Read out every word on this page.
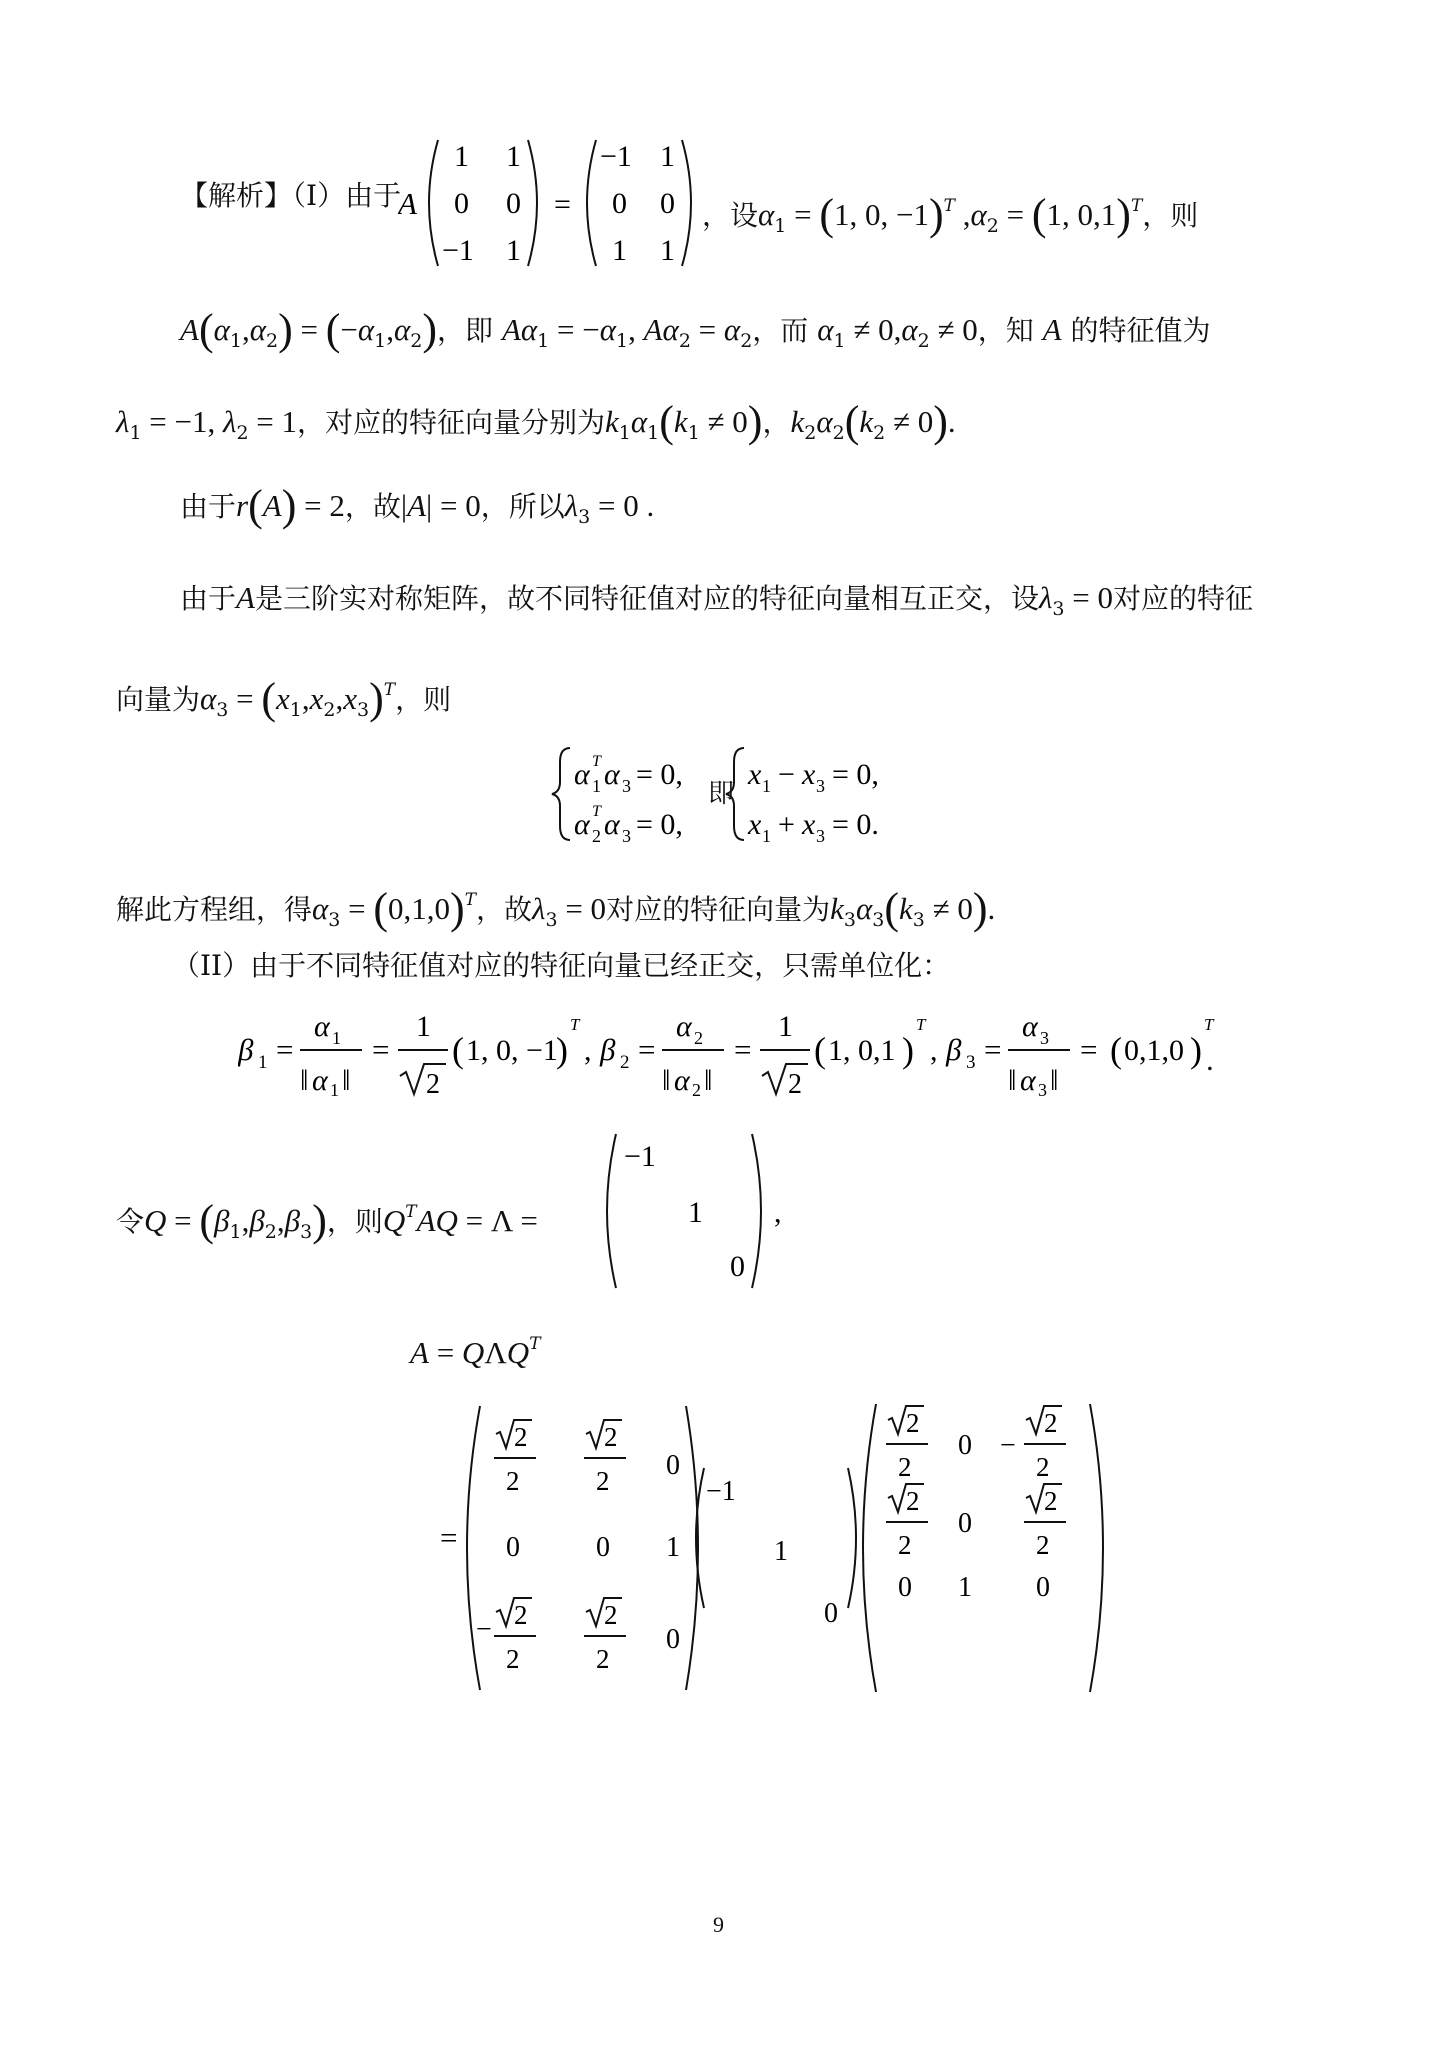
【解析】（I）由于
A
1 1
0 0
−1 1
=
−1 1
0 0
1 1
，设$\alpha_1 = (1$, 0, −1)$^T$ $,\alpha_2 = (1$, 0,1)$^T$，则
$A(\alpha_1,\alpha_2) = (-\alpha_1,\alpha_2)$，即 $A\alpha_1 = -\alpha_1$, $A\alpha_2 = \alpha_2$，而 $\alpha_1 \ne 0,\alpha_2 \ne 0$，知 A 的特征值为
$\lambda_1 = -1$, $\lambda_2 = 1$，对应的特征向量分别为$k_1\alpha_1(k_1 \ne 0)$，$k_2\alpha_2(k_2 \ne 0)$.
由于r(A) = 2，故|A| = 0，所以$\lambda_3 = 0$ .
由于A是三阶实对称矩阵，故不同特征值对应的特征向量相互正交，设$\lambda_3 = 0$对应的特征
向量为$\alpha_3 = (x_1,x_2,x_3)^T$，则
α 1
T α 3 = 0,
α 2
T α 3 = 0,
x 1 − x 3 = 0,
x 1 + x 3 = 0.
即
解此方程组，得$\alpha_3 = (0,1,0)^T$，故$\lambda_3 = 0$对应的特征向量为$k_3\alpha_3(k_3 \ne 0)$.
（II）由于不同特征值对应的特征向量已经正交，只需单位化：
β 1 =
α 1
‖ α 1 ‖
=
1
2
( 1, 0, −1
)
T
, β 2 =
α 2
‖ α 2 ‖
=
1
2
( 1, 0,1 )
T
, β 3 =
α 3
‖ α 3 ‖
= ( 0,1,0 )
T
.
令$Q = (\beta_1,\beta_2,\beta_3)$，则$Q^TAQ = \Lambda$ =
−1
1
0
,
$A = Q\Lambda Q^T$
=
2
2
2
2 0
0	0 1
− 2
2
2
2
0
−1
1
0
2
2
0 −
2
2
2
2
0
2
2
0 1 0
9
